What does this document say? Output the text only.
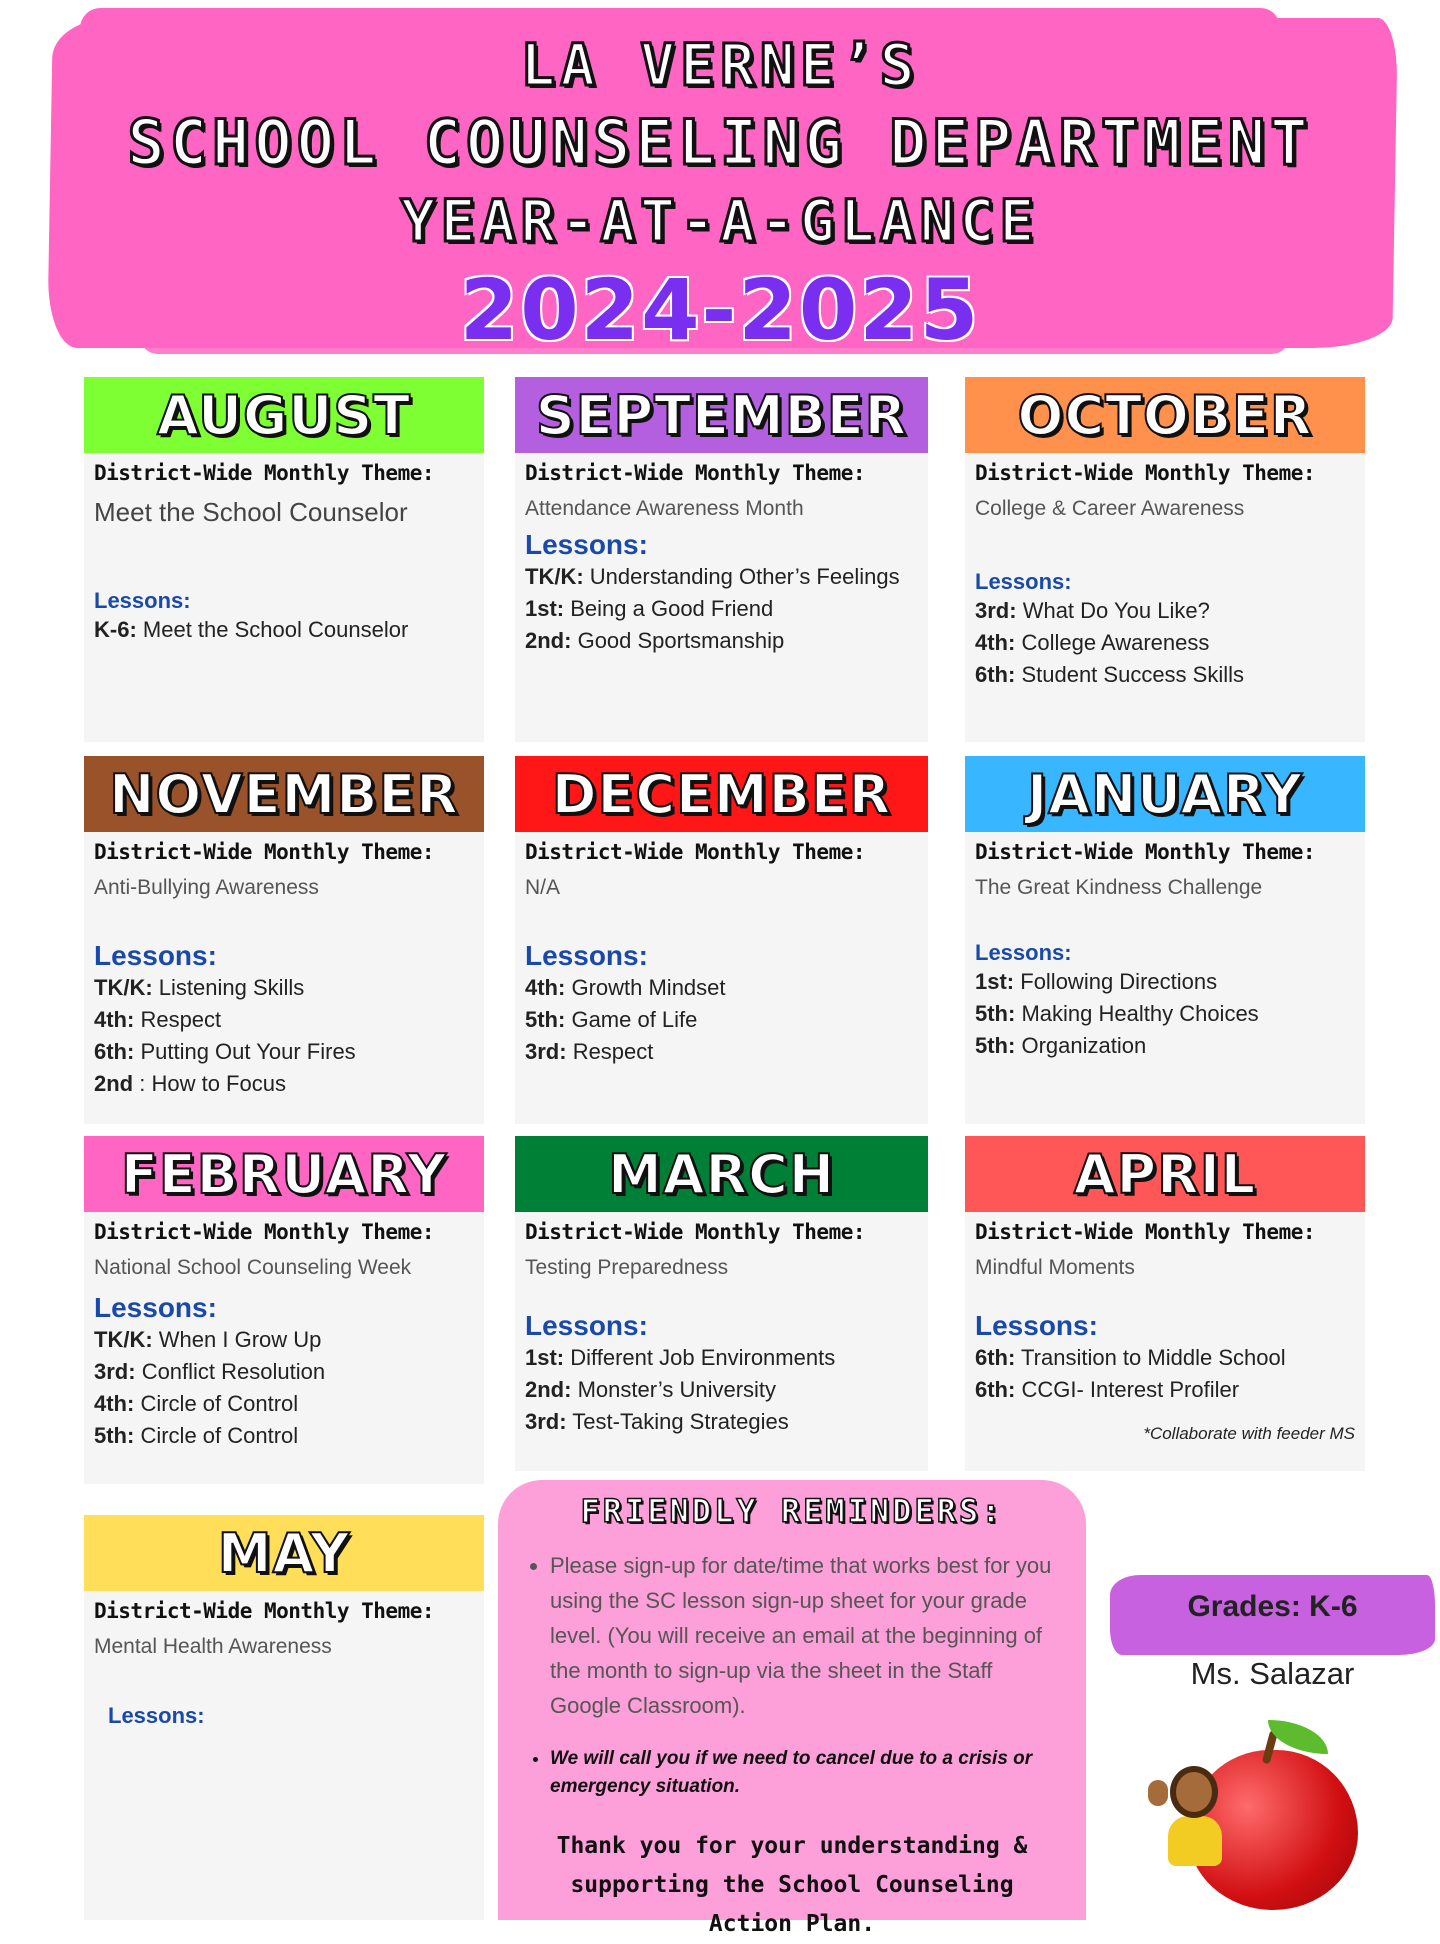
LA VERNE’S
SCHOOL COUNSELING DEPARTMENT
YEAR-AT-A-GLANCE
2024-2025
AUGUST
District-Wide Monthly Theme:
Meet the School Counselor
Lessons:
K-6: Meet the School Counselor
SEPTEMBER
District-Wide Monthly Theme:
Attendance Awareness Month
Lessons:
TK/K: Understanding Other’s Feelings
1st: Being a Good Friend
2nd: Good Sportsmanship
OCTOBER
District-Wide Monthly Theme:
College & Career Awareness
Lessons:
3rd: What Do You Like?
4th: College Awareness
6th: Student Success Skills
NOVEMBER
District-Wide Monthly Theme:
Anti-Bullying Awareness
Lessons:
TK/K: Listening Skills
4th: Respect
6th: Putting Out Your Fires
2nd : How to Focus
DECEMBER
District-Wide Monthly Theme:
N/A
Lessons:
4th: Growth Mindset
5th: Game of Life
3rd: Respect
JANUARY
District-Wide Monthly Theme:
The Great Kindness Challenge
Lessons:
1st: Following Directions
5th: Making Healthy Choices
5th: Organization
FEBRUARY
District-Wide Monthly Theme:
National School Counseling Week
Lessons:
TK/K: When I Grow Up
3rd: Conflict Resolution
4th: Circle of Control
5th: Circle of Control
MARCH
District-Wide Monthly Theme:
Testing Preparedness
Lessons:
1st: Different Job Environments
2nd: Monster’s University
3rd: Test-Taking Strategies
APRIL
District-Wide Monthly Theme:
Mindful Moments
Lessons:
6th: Transition to Middle School
6th: CCGI- Interest Profiler
*Collaborate with feeder MS
MAY
District-Wide Monthly Theme:
Mental Health Awareness
Lessons:
FRIENDLY REMINDERS:
• Please sign-up for date/time that works best for you using the SC lesson sign-up sheet for your grade level. (You will receive an email at the beginning of the month to sign-up via the sheet in the Staff Google Classroom).
• We will call you if we need to cancel due to a crisis or emergency situation.
Thank you for your understanding &
supporting the School Counseling Action Plan.
Grades: K-6
Ms. Salazar
